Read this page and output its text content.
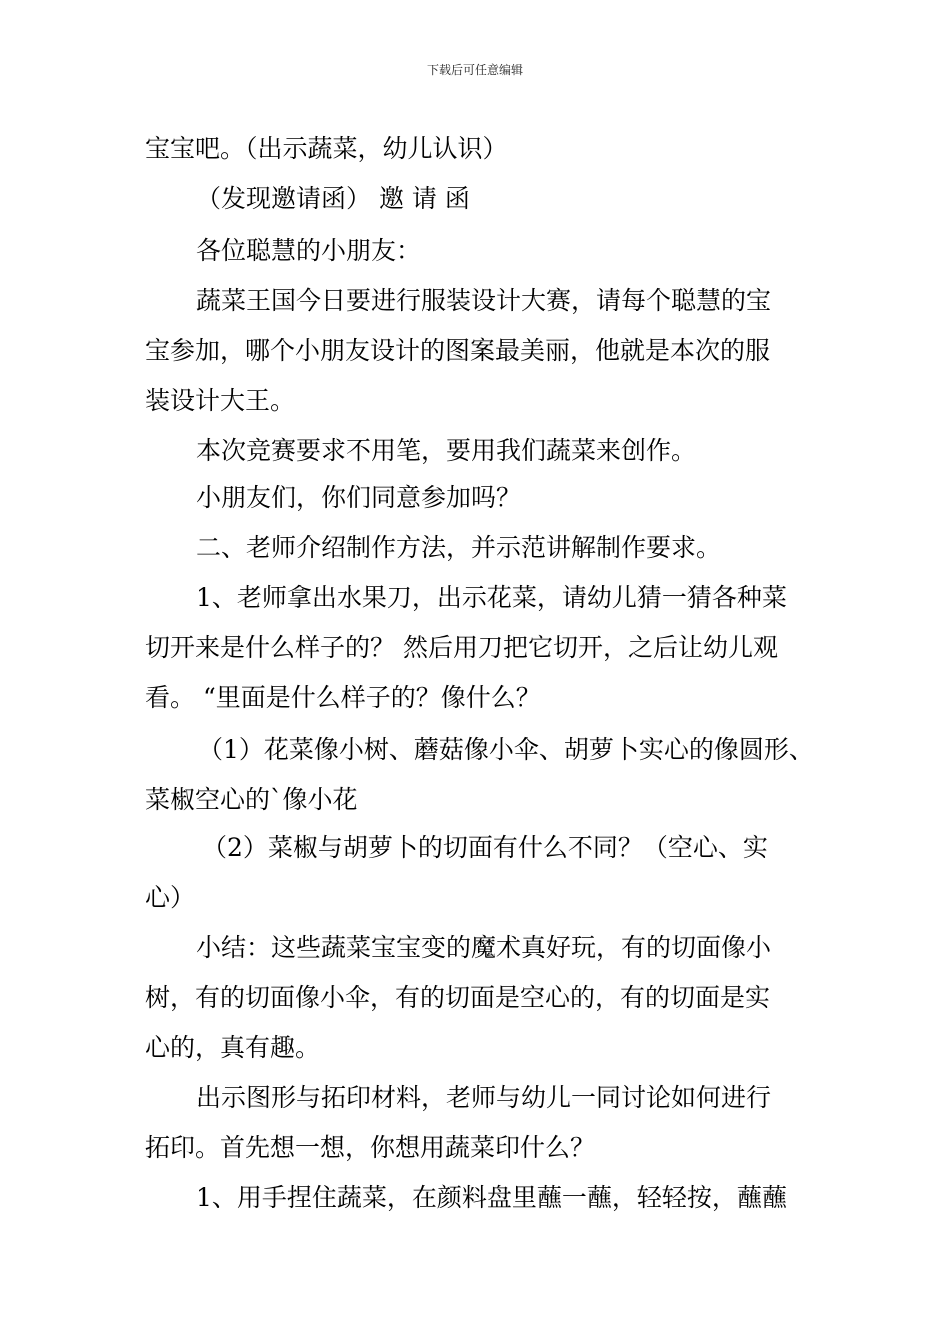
下载后可任意编辑
宝宝吧。（出示蔬菜，幼儿认识）
（发现邀请函） 邀 请 函
各位聪慧的小朋友：
蔬菜王国今日要进行服装设计大赛，请每个聪慧的宝
宝参加，哪个小朋友设计的图案最美丽，他就是本次的服
装设计大王。
本次竞赛要求不用笔，要用我们蔬菜来创作。
小朋友们，你们同意参加吗？
二、老师介绍制作方法，并示范讲解制作要求。
1、老师拿出水果刀，出示花菜，请幼儿猜一猜各种菜
切开来是什么样子的？ 然后用刀把它切开，之后让幼儿观
看。 “里面是什么样子的？像什么？
（1）花菜像小树、蘑菇像小伞、胡萝卜实心的像圆形、
菜椒空心的`像小花
（2）菜椒与胡萝卜的切面有什么不同？（空心、实
心）
小结：这些蔬菜宝宝变的魔术真好玩，有的切面像小
树，有的切面像小伞，有的切面是空心的，有的切面是实
心的，真有趣。
出示图形与拓印材料，老师与幼儿一同讨论如何进行
拓印。首先想一想，你想用蔬菜印什么？
1、用手捏住蔬菜，在颜料盘里蘸一蘸，轻轻按，蘸蘸
